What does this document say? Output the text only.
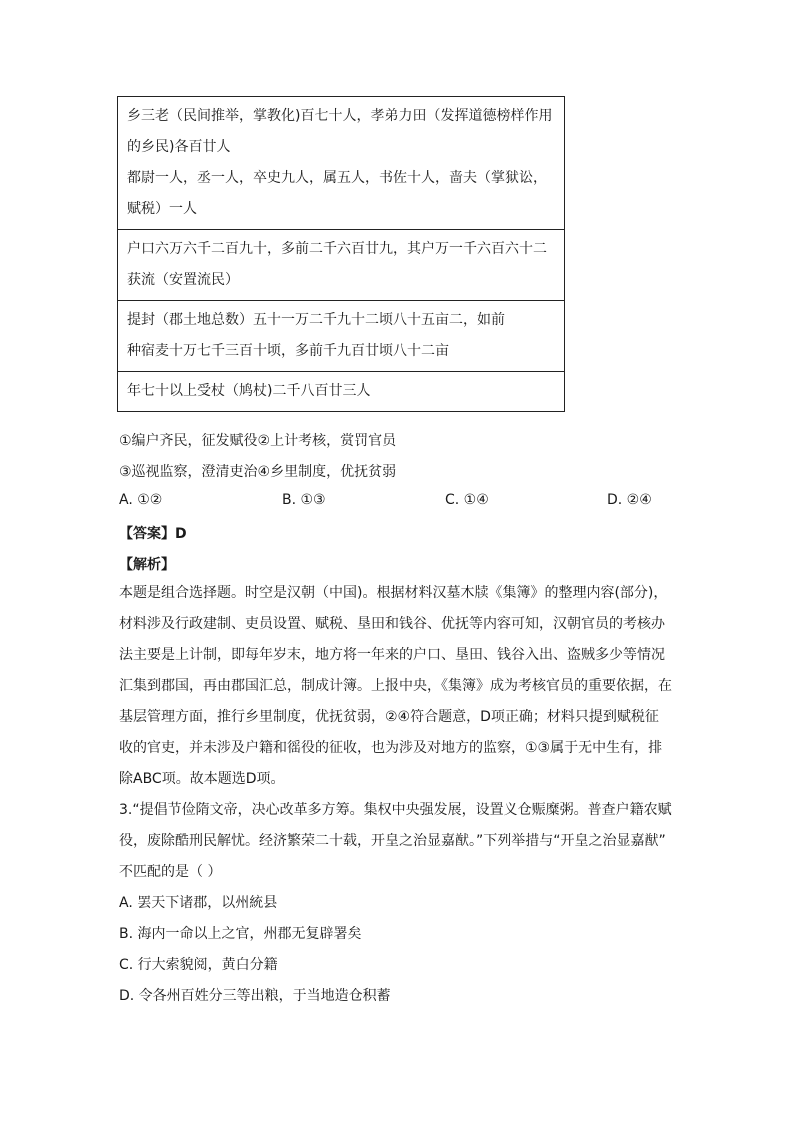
乡三老（民间推举，掌教化)百七十人，孝弟力田（发挥道德榜样作用
的乡民)各百廿人
都尉一人，丞一人，卒史九人，属五人，书佐十人，啬夫（掌狱讼，
赋税）一人
户口六万六千二百九十，多前二千六百廿九，其户万一千六百六十二
获流（安置流民）
提封（郡土地总数）五十一万二千九十二顷八十五亩二，如前
种宿麦十万七千三百十顷，多前千九百廿顷八十二亩
年七十以上受杖（鸠杖)二千八百廿三人
①编户齐民，征发赋役②上计考核，赏罚官员
③巡视监察，澄清吏治④乡里制度，优抚贫弱
A. ①②	B. ①③	C. ①④	D. ②④
【答案】D
【解析】
本题是组合选择题。时空是汉朝（中国)。根据材料汉墓木牍《集簿》的整理内容(部分)，
材料涉及行政建制、吏员设置、赋税、垦田和钱谷、优抚等内容可知，汉朝官员的考核办
法主要是上计制，即每年岁末，地方将一年来的户口、垦田、钱谷入出、盗贼多少等情况
汇集到郡国，再由郡国汇总，制成计簿。上报中央，《集簿》成为考核官员的重要依据，在
基层管理方面，推行乡里制度，优抚贫弱，②④符合题意，D项正确；材料只提到赋税征
收的官吏，并未涉及户籍和徭役的征收，也为涉及对地方的监察，①③属于无中生有，排
除ABC项。故本题选D项。
3.“提倡节俭隋文帝，决心改革多方筹。集权中央强发展，设置义仓赈糜粥。普查户籍农赋
役，废除酷刑民解忧。经济繁荣二十载，开皇之治显嘉猷。”下列举措与“开皇之治显嘉猷”
不匹配的是（ ）
A. 罢天下诸郡，以州統县
B. 海内一命以上之官，州郡无复辟署矣
C. 行大索貌阅，黄白分籍
D. 令各州百姓分三等出粮，于当地造仓积蓄
